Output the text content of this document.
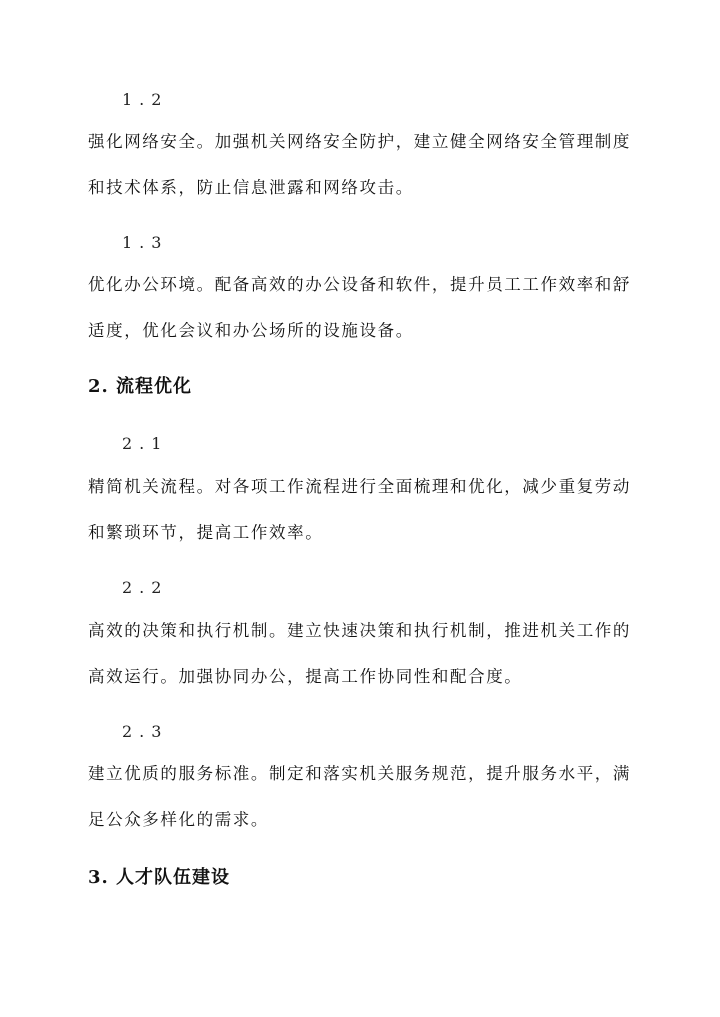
1.2

强化网络安全。加强机关网络安全防护，建立健全网络安全管理制度和技术体系，防止信息泄露和网络攻击。

1.3

优化办公环境。配备高效的办公设备和软件，提升员工工作效率和舒适度，优化会议和办公场所的设施设备。

2. 流程优化
2.1

精简机关流程。对各项工作流程进行全面梳理和优化，减少重复劳动和繁琐环节，提高工作效率。

2.2

高效的决策和执行机制。建立快速决策和执行机制，推进机关工作的高效运行。加强协同办公，提高工作协同性和配合度。

2.3

建立优质的服务标准。制定和落实机关服务规范，提升服务水平，满足公众多样化的需求。

3. 人才队伍建设
